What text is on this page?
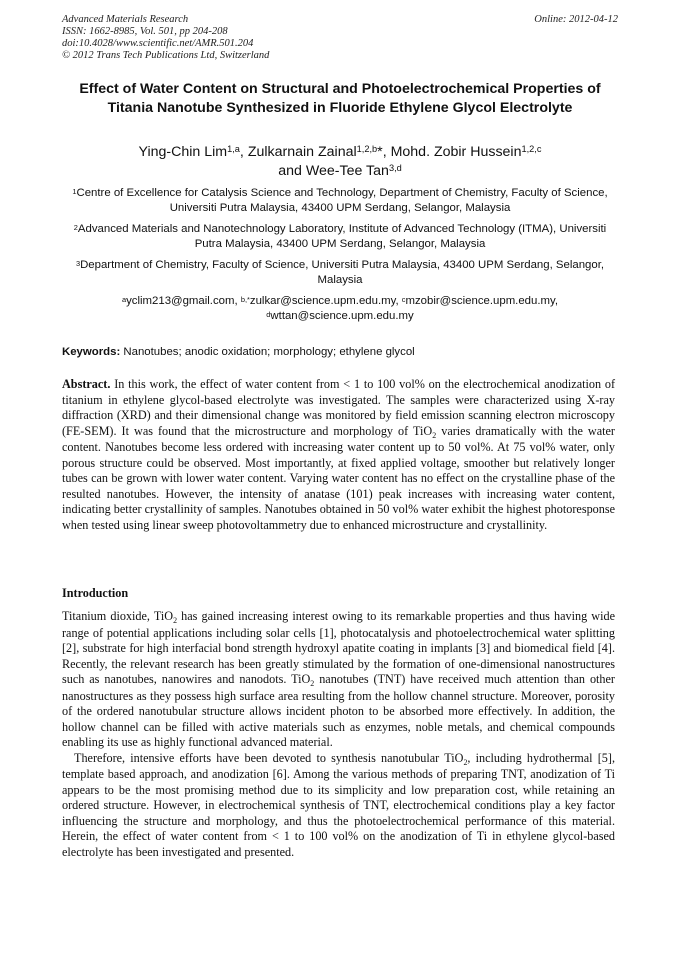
Advanced Materials Research
ISSN: 1662-8985, Vol. 501, pp 204-208
doi:10.4028/www.scientific.net/AMR.501.204
© 2012 Trans Tech Publications Ltd, Switzerland
Online: 2012-04-12
Effect of Water Content on Structural and Photoelectrochemical Properties of Titania Nanotube Synthesized in Fluoride Ethylene Glycol Electrolyte
Ying-Chin Lim$^{1,a}$, Zulkarnain Zainal$^{1,2,b}$*, Mohd. Zobir Hussein$^{1,2,c}$
and Wee-Tee Tan$^{3,d}$
$^1$Centre of Excellence for Catalysis Science and Technology, Department of Chemistry, Faculty of Science, Universiti Putra Malaysia, 43400 UPM Serdang, Selangor, Malaysia
$^2$Advanced Materials and Nanotechnology Laboratory, Institute of Advanced Technology (ITMA), Universiti Putra Malaysia, 43400 UPM Serdang, Selangor, Malaysia
$^3$Department of Chemistry, Faculty of Science, Universiti Putra Malaysia, 43400 UPM Serdang, Selangor, Malaysia
$^a$yclim213@gmail.com, $^{b,*}$zulkar@science.upm.edu.my, $^c$mzobir@science.upm.edu.my,
$^d$wttan@science.upm.edu.my
Keywords: Nanotubes; anodic oxidation; morphology; ethylene glycol
Abstract. In this work, the effect of water content from < 1 to 100 vol% on the electrochemical anodization of titanium in ethylene glycol-based electrolyte was investigated. The samples were characterized using X-ray diffraction (XRD) and their dimensional change was monitored by field emission scanning electron microscopy (FE-SEM). It was found that the microstructure and morphology of TiO$_2$ varies dramatically with the water content. Nanotubes become less ordered with increasing water content up to 50 vol%. At 75 vol% water, only porous structure could be observed. Most importantly, at fixed applied voltage, smoother but relatively longer tubes can be grown with lower water content. Varying water content has no effect on the crystalline phase of the resulted nanotubes. However, the intensity of anatase (101) peak increases with increasing water content, indicating better crystallinity of samples. Nanotubes obtained in 50 vol% water exhibit the highest photoresponse when tested using linear sweep photovoltammetry due to enhanced microstructure and crystallinity.
Introduction

Titanium dioxide, TiO$_2$ has gained increasing interest owing to its remarkable properties and thus having wide range of potential applications including solar cells [1], photocatalysis and photoelectrochemical water splitting [2], substrate for high interfacial bond strength hydroxyl apatite coating in implants [3] and biomedical field [4]. Recently, the relevant research has been greatly stimulated by the formation of one-dimensional nanostructures such as nanotubes, nanowires and nanodots. TiO$_2$ nanotubes (TNT) have received much attention than other nanostructures as they possess high surface area resulting from the hollow channel structure. Moreover, porosity of the ordered nanotubular structure allows incident photon to be absorbed more effectively. In addition, the hollow channel can be filled with active materials such as enzymes, noble metals, and chemical compounds enabling its use as highly functional advanced material.

Therefore, intensive efforts have been devoted to synthesis nanotubular TiO$_2$, including hydrothermal [5], template based approach, and anodization [6]. Among the various methods of preparing TNT, anodization of Ti appears to be the most promising method due to its simplicity and low preparation cost, while retaining an ordered structure. However, in electrochemical synthesis of TNT, electrochemical conditions play a key factor influencing the structure and morphology, and thus the photoelectrochemical performance of this material. Herein, the effect of water content from < 1 to 100 vol% on the anodization of Ti in ethylene glycol-based electrolyte has been investigated and presented.
